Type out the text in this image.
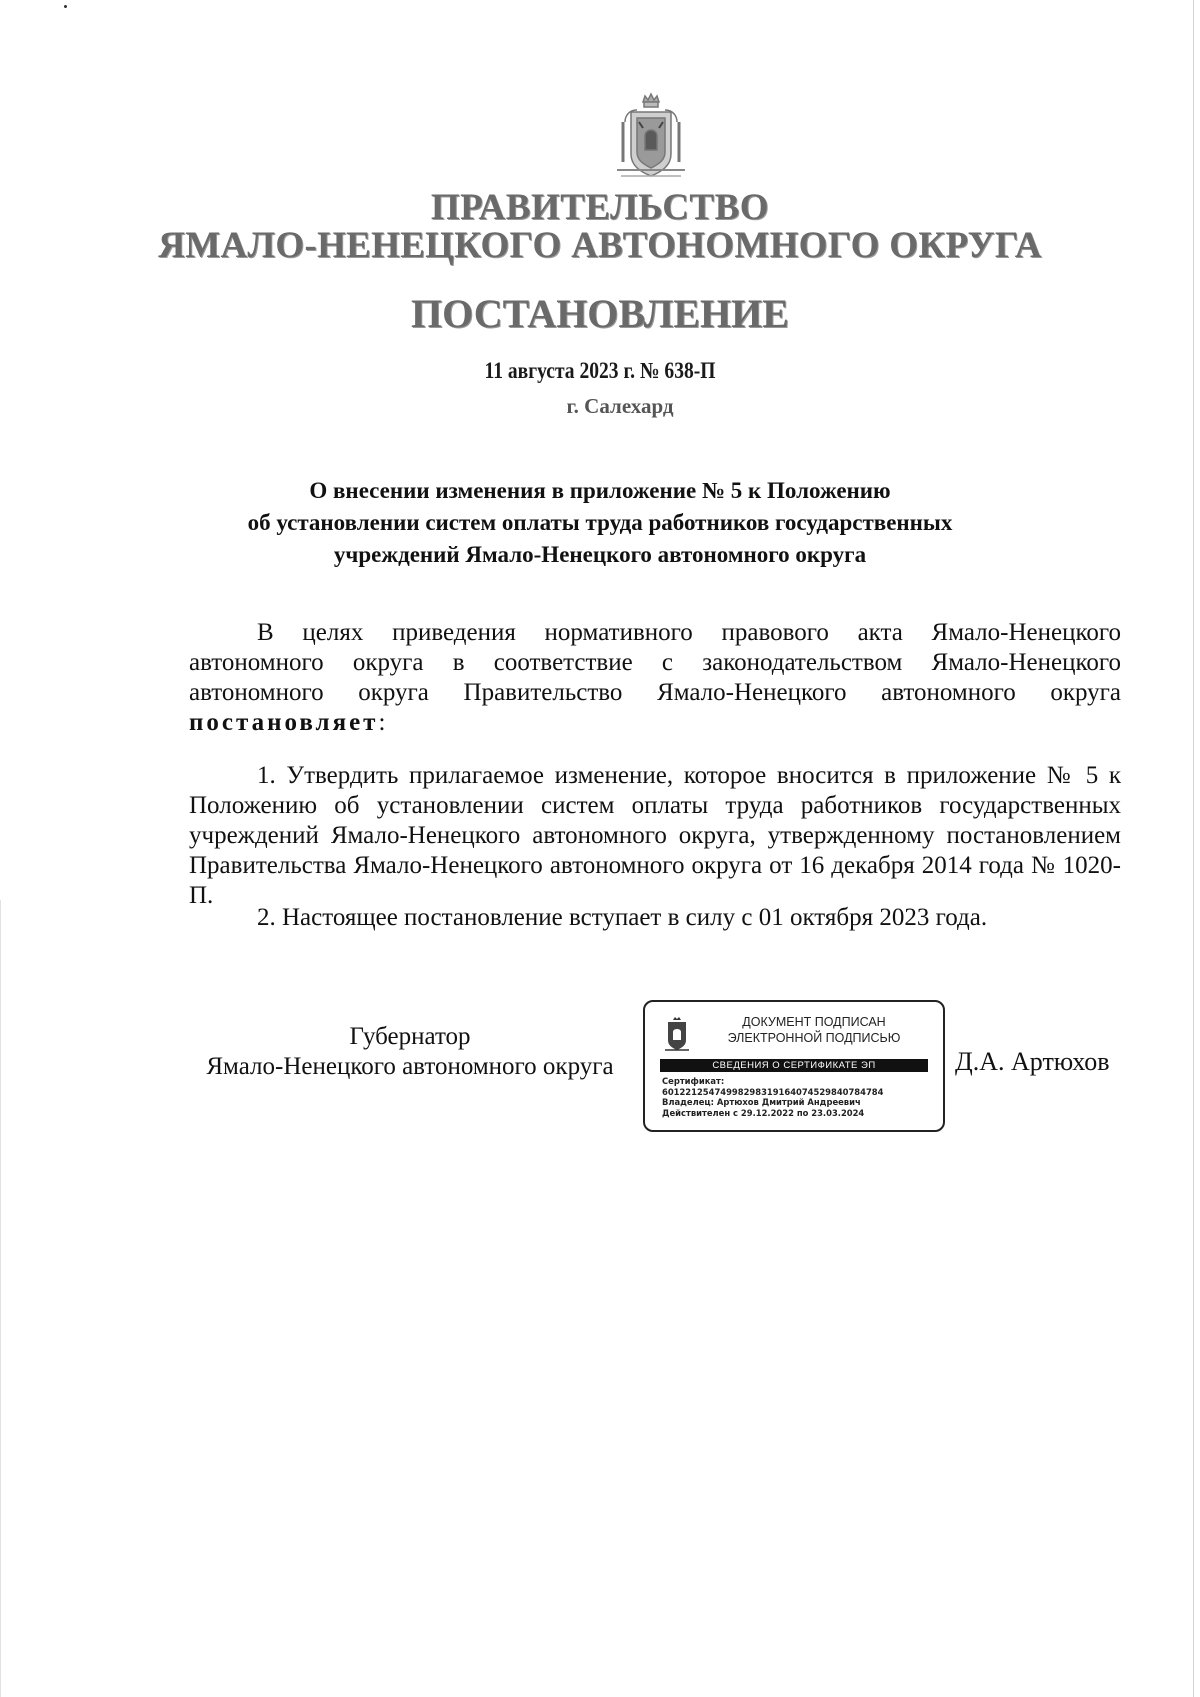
ПРАВИТЕЛЬСТВО
ЯМАЛО-НЕНЕЦКОГО АВТОНОМНОГО ОКРУГА
ПОСТАНОВЛЕНИЕ
11 августа 2023 г. № 638-П
г. Салехард
О внесении изменения в приложение № 5 к Положению
об установлении систем оплаты труда работников государственных
учреждений Ямало-Ненецкого автономного округа
В целях приведения нормативного правового акта Ямало-Ненецкого автономного округа в соответствие с законодательством Ямало-Ненецкого автономного округа Правительство Ямало-Ненецкого автономного округа постановляет:
1. Утвердить прилагаемое изменение, которое вносится в приложение № 5 к Положению об установлении систем оплаты труда работников государственных учреждений Ямало-Ненецкого автономного округа, утвержденному постановлением Правительства Ямало-Ненецкого автономного округа от 16 декабря 2014 года № 1020-П.
2. Настоящее постановление вступает в силу с 01 октября 2023 года.
Губернатор
Ямало-Ненецкого автономного округа
ДОКУМЕНТ ПОДПИСАН
ЭЛЕКТРОННОЙ ПОДПИСЬЮ
СВЕДЕНИЯ О СЕРТИФИКАТЕ ЭП
Сертификат:
6012212547499829831916407452984078​4784
Владелец: Артюхов Дмитрий Андреевич
Действителен с 29.12.2022 по 23.03.2024
Д.А. Артюхов
